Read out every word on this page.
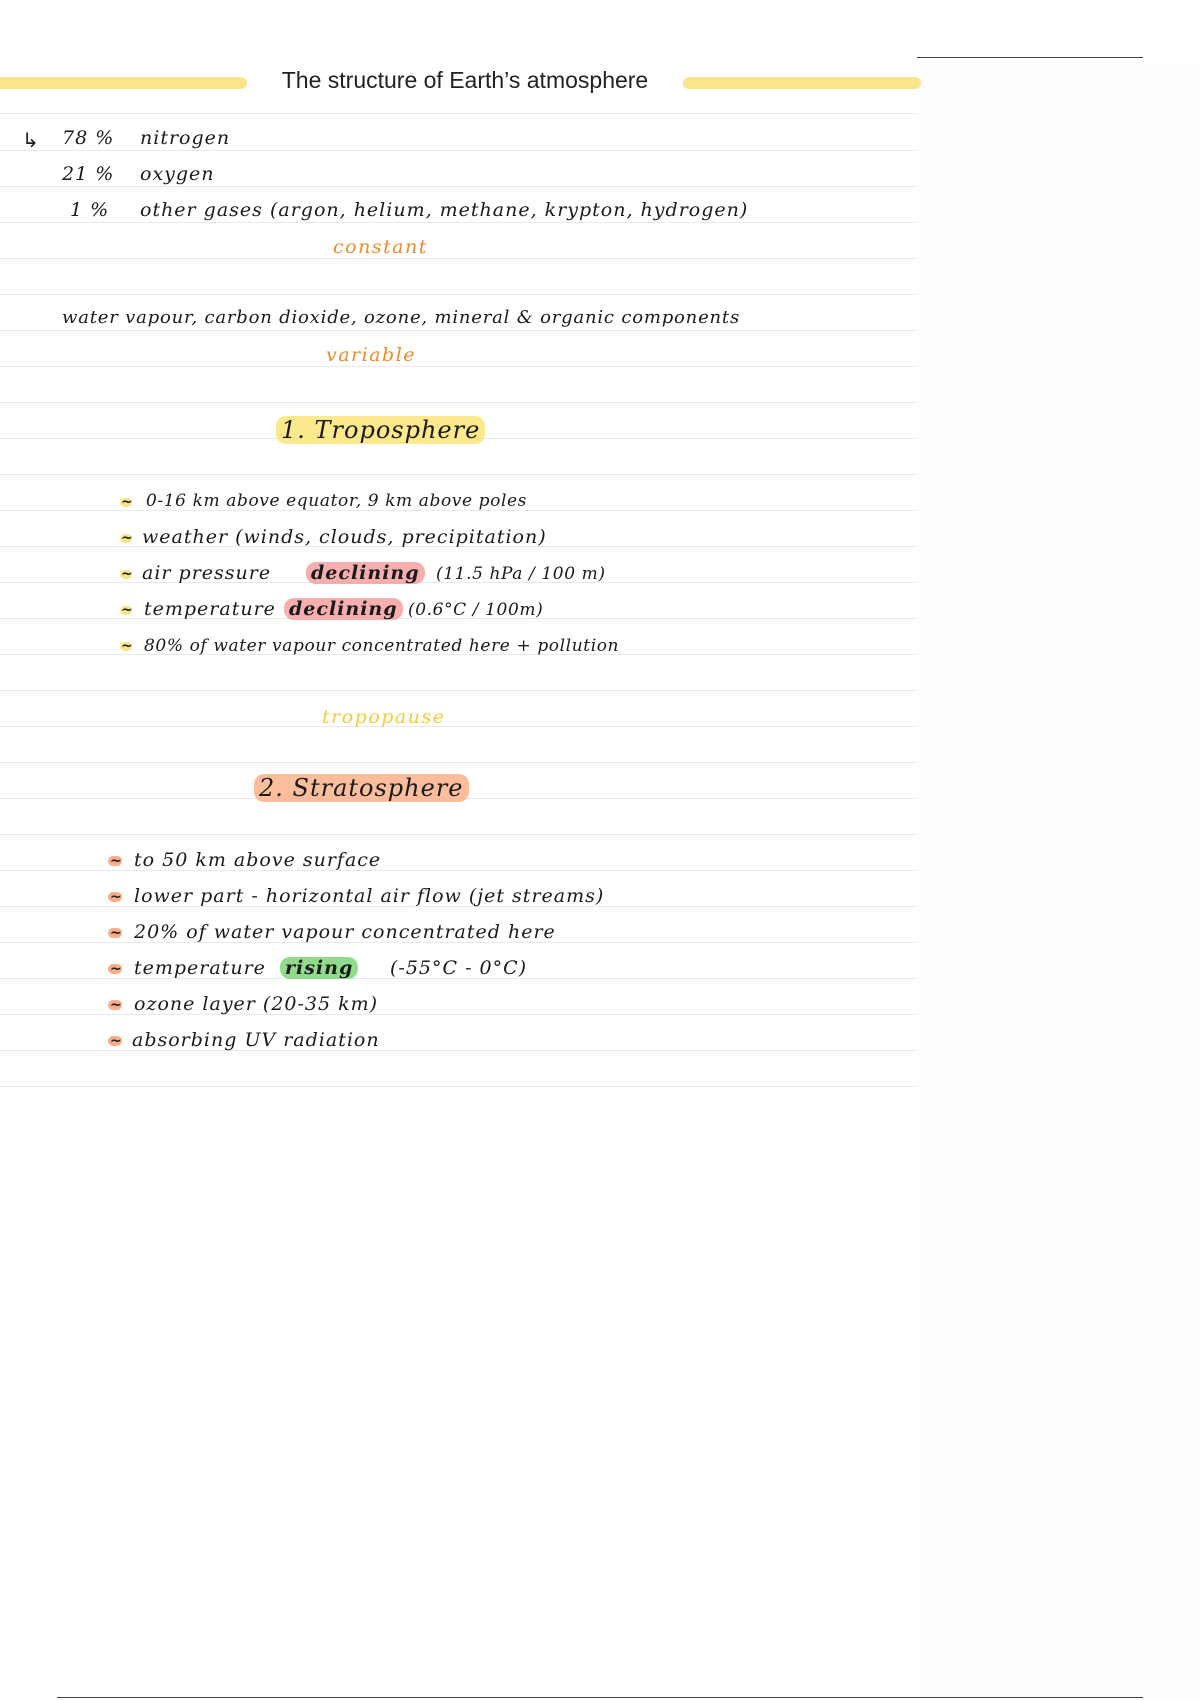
The structure of Earth’s atmosphere
↳ 78 % nitrogen
21 % oxygen
1 % other gases (argon, helium, methane, krypton, hydrogen)
constant
water vapour, carbon dioxide, ozone, mineral & organic components
variable
1. Troposphere
~ 0-16 km above equator, 9 km above poles
~ weather (winds, clouds, precipitation)
~ air pressure declining (11.5 hPa / 100 m)
~ temperature declining (0.6°C / 100m)
~ 80% of water vapour concentrated here + pollution
tropopause
2. Stratosphere
~ to 50 km above surface
~ lower part - horizontal air flow (jet streams)
~ 20% of water vapour concentrated here
~ temperature rising (-55°C - 0°C)
~ ozone layer (20-35 km)
~ absorbing UV radiation
